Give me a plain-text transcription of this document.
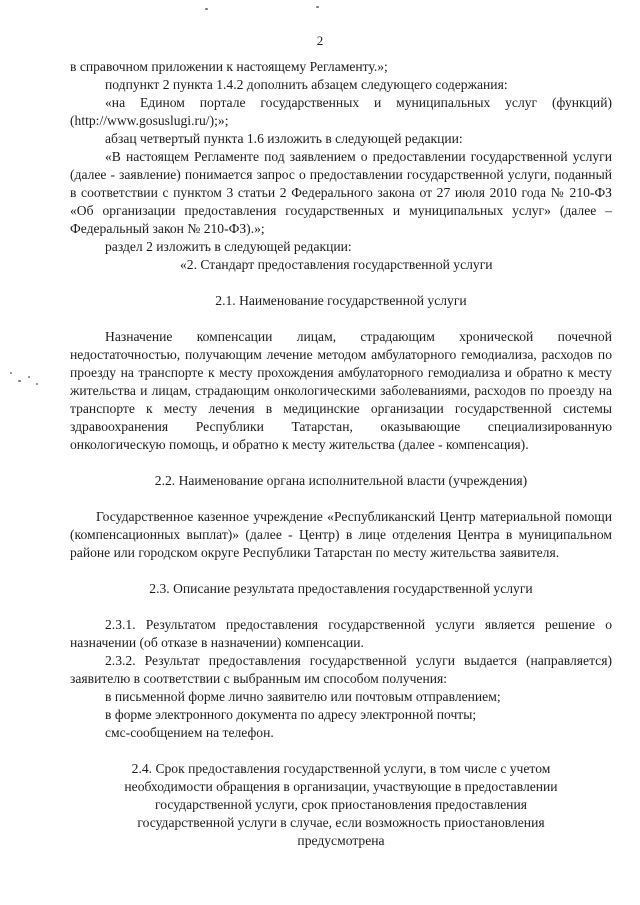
2

в справочном приложении к настоящему Регламенту.»;

подпункт 2 пункта 1.4.2 дополнить абзацем следующего содержания:

«на Едином портале государственных и муниципальных услуг (функций) (http://www.gosuslugi.ru/);»;

абзац четвертый пункта 1.6 изложить в следующей редакции:

«В настоящем Регламенте под заявлением о предоставлении государственной услуги (далее - заявление) понимается запрос о предоставлении государственной услуги, поданный в соответствии с пунктом 3 статьи 2 Федерального закона от 27 июля 2010 года № 210-ФЗ «Об организации предоставления государственных и муниципальных услуг» (далее – Федеральный закон № 210-ФЗ).»;

раздел 2 изложить в следующей редакции:

«2. Стандарт предоставления государственной услуги

2.1. Наименование государственной услуги

Назначение компенсации лицам, страдающим хронической почечной недостаточностью, получающим лечение методом амбулаторного гемодиализа, расходов по проезду на транспорте к месту прохождения амбулаторного гемодиализа и обратно к месту жительства и лицам, страдающим онкологическими заболеваниями, расходов по проезду на транспорте к месту лечения в медицинские организации государственной системы здравоохранения Республики Татарстан, оказывающие специализированную онкологическую помощь, и обратно к месту жительства (далее - компенсация).

2.2. Наименование органа исполнительной власти (учреждения)

Государственное казенное учреждение «Республиканский Центр материальной помощи (компенсационных выплат)» (далее - Центр) в лице отделения Центра в муниципальном районе или городском округе Республики Татарстан по месту жительства заявителя.

2.3. Описание результата предоставления государственной услуги

2.3.1. Результатом предоставления государственной услуги является решение о назначении (об отказе в назначении) компенсации.

2.3.2. Результат предоставления государственной услуги выдается (направляется) заявителю в соответствии с выбранным им способом получения:

в письменной форме лично заявителю или почтовым отправлением;

в форме электронного документа по адресу электронной почты;

смс-сообщением на телефон.

2.4. Срок предоставления государственной услуги, в том числе с учетом необходимости обращения в организации, участвующие в предоставлении государственной услуги, срок приостановления предоставления государственной услуги в случае, если возможность приостановления предусмотрена
